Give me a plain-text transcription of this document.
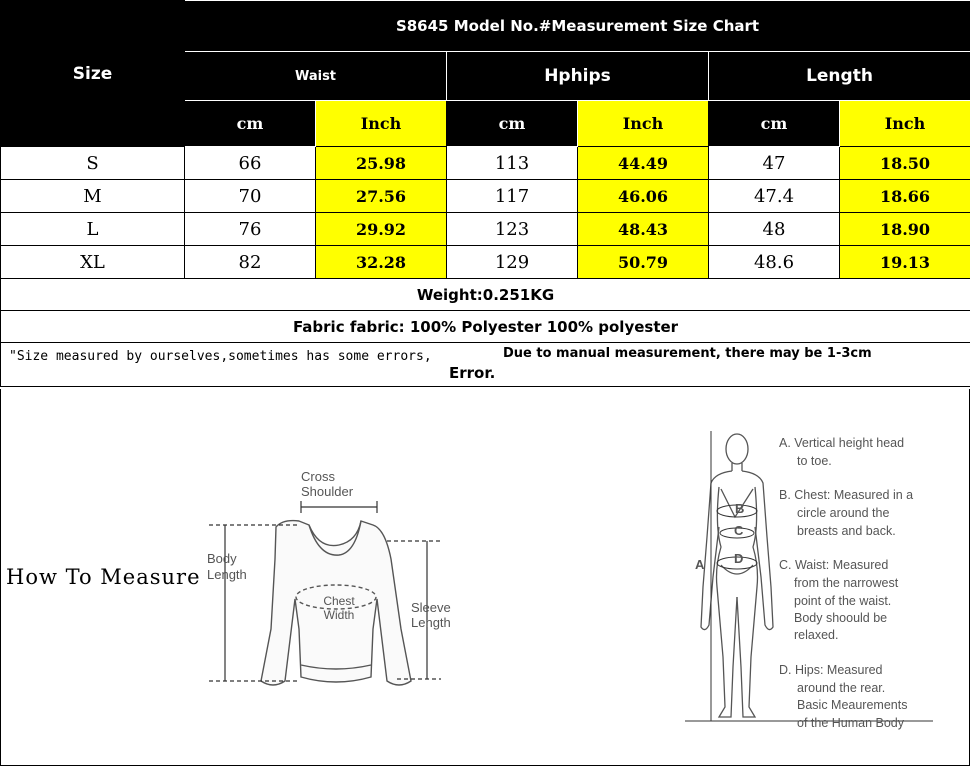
Size	S8645 Model No.#Measurement Size Chart					
	Waist		Hphips		Length	
	cm	Inch	cm	Inch	cm	Inch
S	66	25.98	113	44.49	47	18.50
M	70	27.56	117	46.06	47.4	18.66
L	76	29.92	123	48.43	48	18.90
XL	82	32.28	129	50.79	48.6	19.13
Weight:0.251KG						
Fabric fabric: 100% Polyester 100% polyester						

"Size measured by ourselves,sometimes has some errors, Due to manual measurement, there may be 1-3cm
Error.						
How To Measure
Cross
Shoulder
Body
Length
Chest
Width	Sleeve
Length
B
C
D
A
A. Vertical height head
to toe.
B. Chest: Measured in a
circle around the
breasts and back.
C. Waist: Measured
from the narrowest
point of the waist.
Body shoould be
relaxed.
D. Hips: Measured
around the rear.
Basic Meaurements
of the Human Body
